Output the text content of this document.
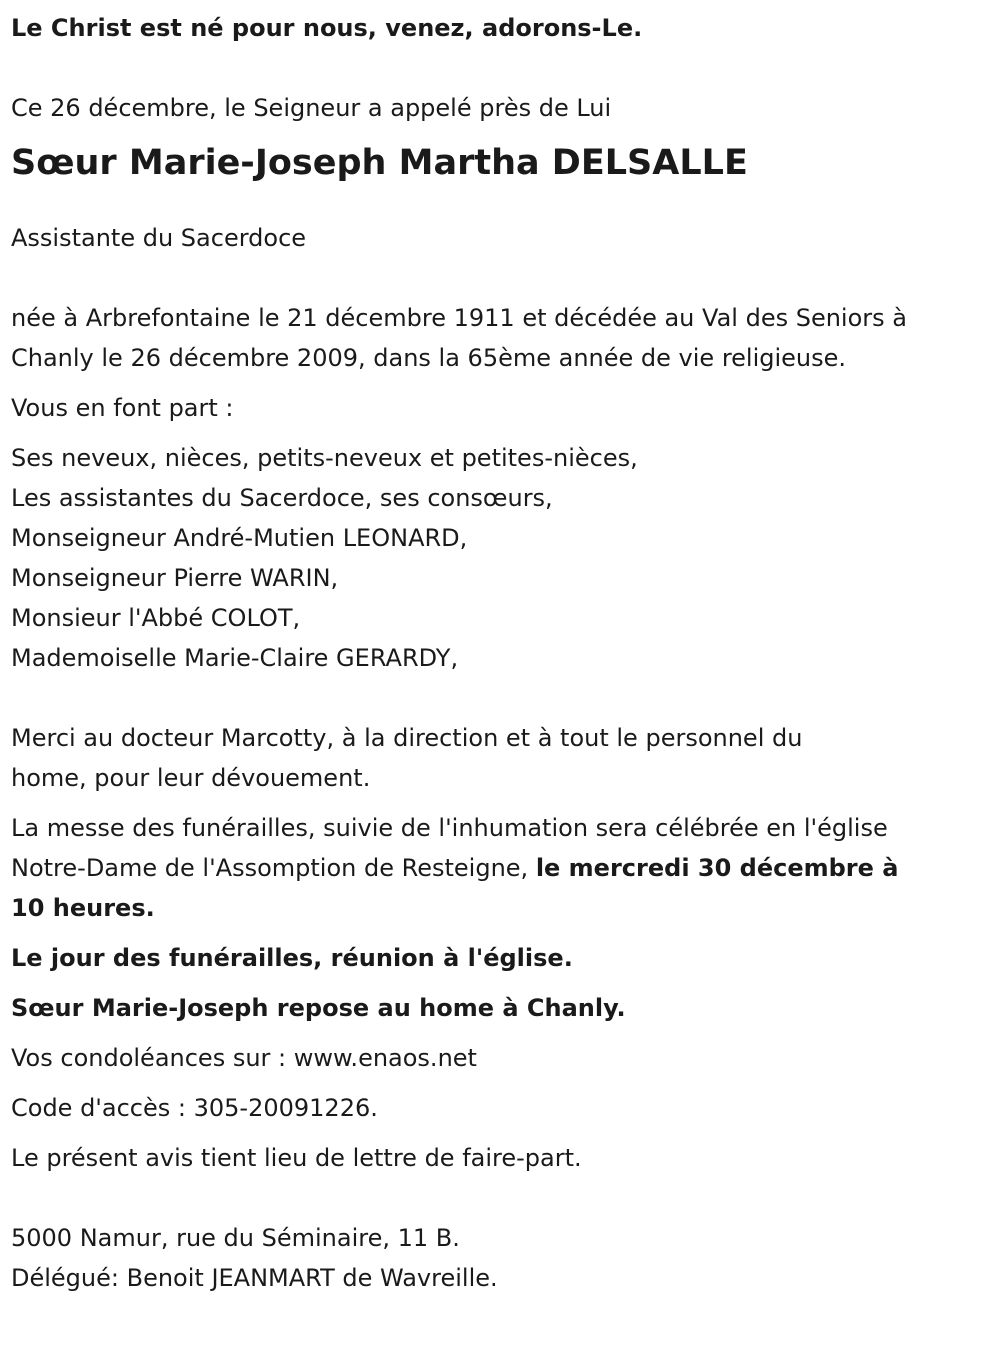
Le Christ est né pour nous, venez, adorons-Le.

Ce 26 décembre, le Seigneur a appelé près de Lui

Sœur Marie-Joseph Martha DELSALLE

Assistante du Sacerdoce

née à Arbrefontaine le 21 décembre 1911 et décédée au Val des Seniors à

Chanly le 26 décembre 2009, dans la 65ème année de vie religieuse.

Vous en font part :

Ses neveux, nièces, petits-neveux et petites-nièces,

Les assistantes du Sacerdoce, ses consœurs,

Monseigneur André-Mutien LEONARD,

Monseigneur Pierre WARIN,

Monsieur l'Abbé COLOT,

Mademoiselle Marie-Claire GERARDY,

Merci au docteur Marcotty, à la direction et à tout le personnel du

home, pour leur dévouement.

La messe des funérailles, suivie de l'inhumation sera célébrée en l'église

Notre-Dame de l'Assomption de Resteigne, le mercredi 30 décembre à

10 heures.

Le jour des funérailles, réunion à l'église.

Sœur Marie-Joseph repose au home à Chanly.

Vos condoléances sur : www.enaos.net

Code d'accès : 305-20091226.

Le présent avis tient lieu de lettre de faire-part.

5000 Namur, rue du Séminaire, 11 B.

Délégué: Benoit JEANMART de Wavreille.
